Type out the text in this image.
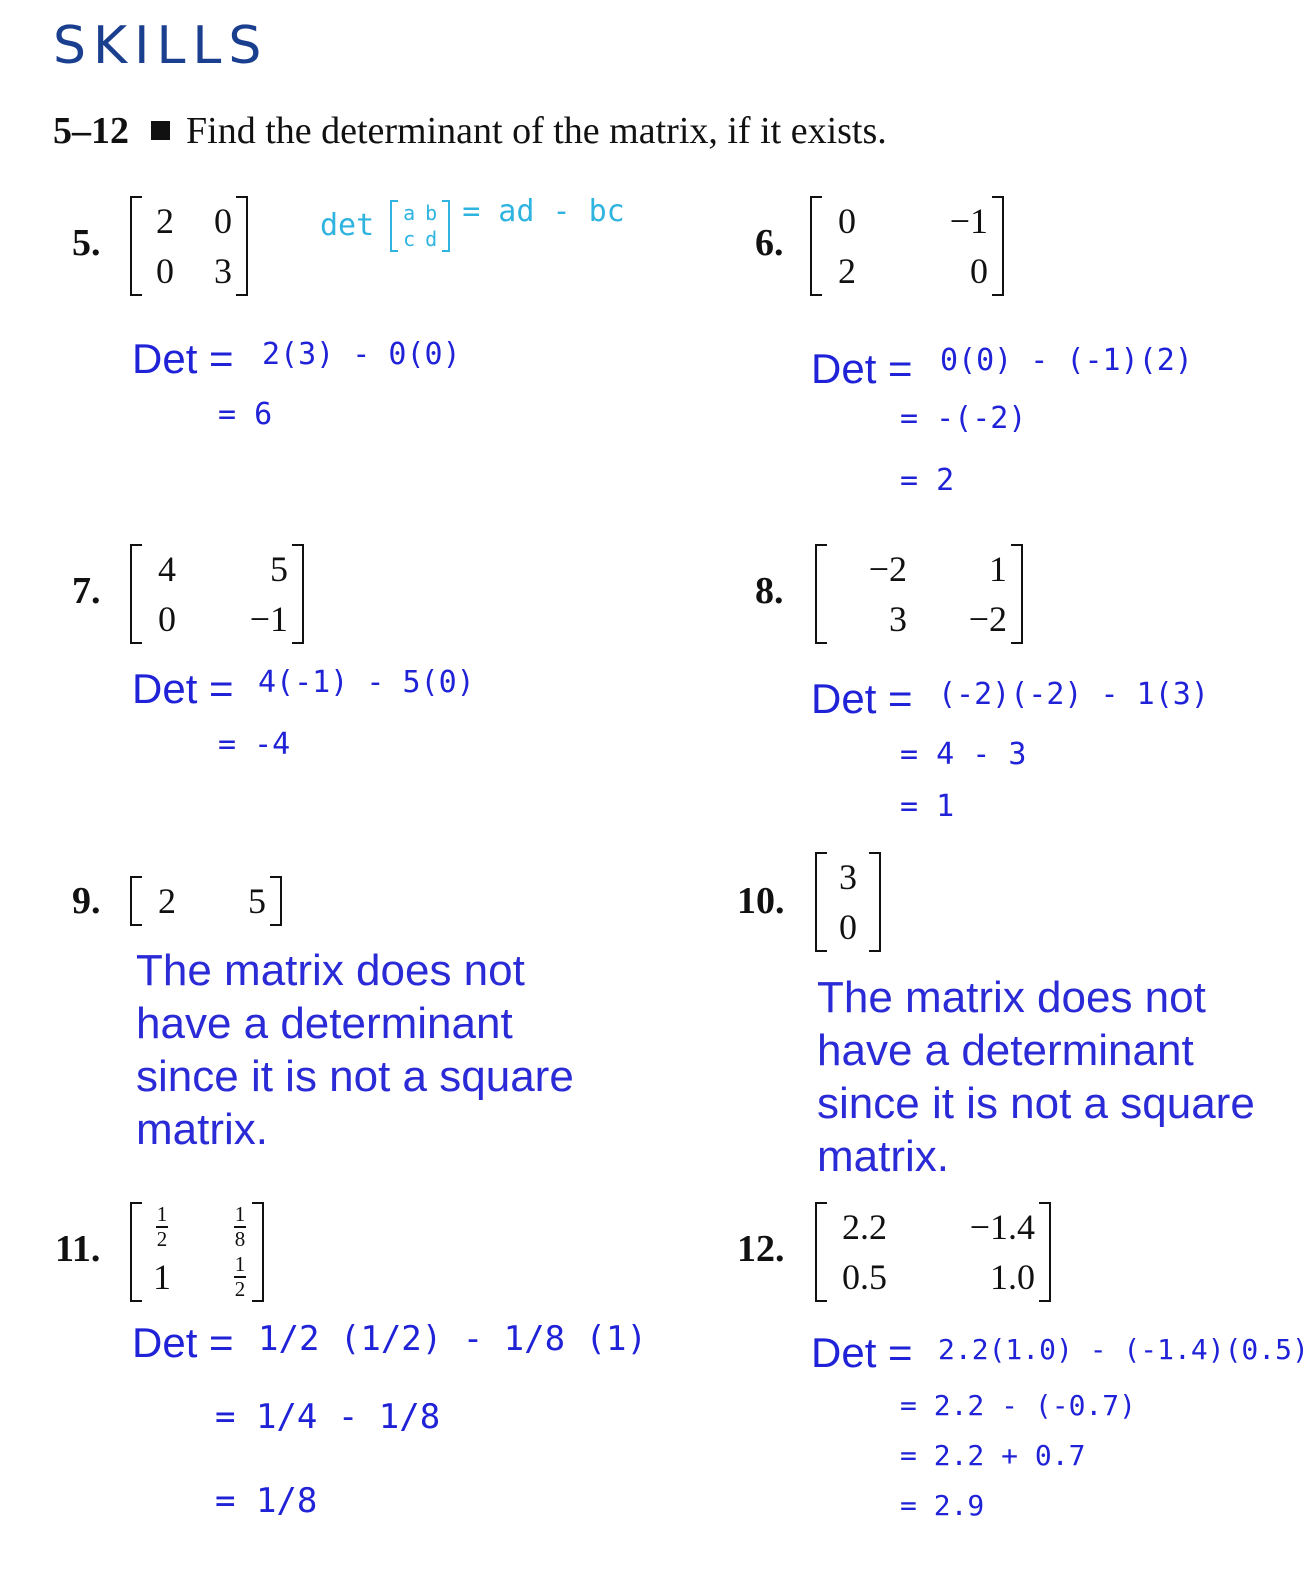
SKILLS
5–12 Find the determinant of the matrix, if it exists.
5.
2	0
0	3
det a b
c d
= ad - bc
Det = 2(3) - 0(0)
= 6
6.
0	−1
2	0
Det = 0(0) - (-1)(2)
= -(-2)
= 2
7.
4	5
0	−1
Det = 4(-1) - 5(0)
= -4
8.
−2	1
3	−2
Det = (-2)(-2) - 1(3)
= 4 - 3
= 1
9.	2	5
The matrix does not have a determinant since it is not a square matrix.
10.
3
0
The matrix does not have a determinant since it is not a square matrix.
11.	$\frac{1}{2}$	$\frac{1}{8}$
1	$\frac{1}{2}$
Det = 1/2 (1/2) - 1/8 (1)
= 1/4 - 1/8
= 1/8
12.
2.2	−1.4
0.5	1.0
Det = 2.2(1.0) - (-1.4)(0.5)
= 2.2 - (-0.7)
= 2.2 + 0.7
= 2.9
